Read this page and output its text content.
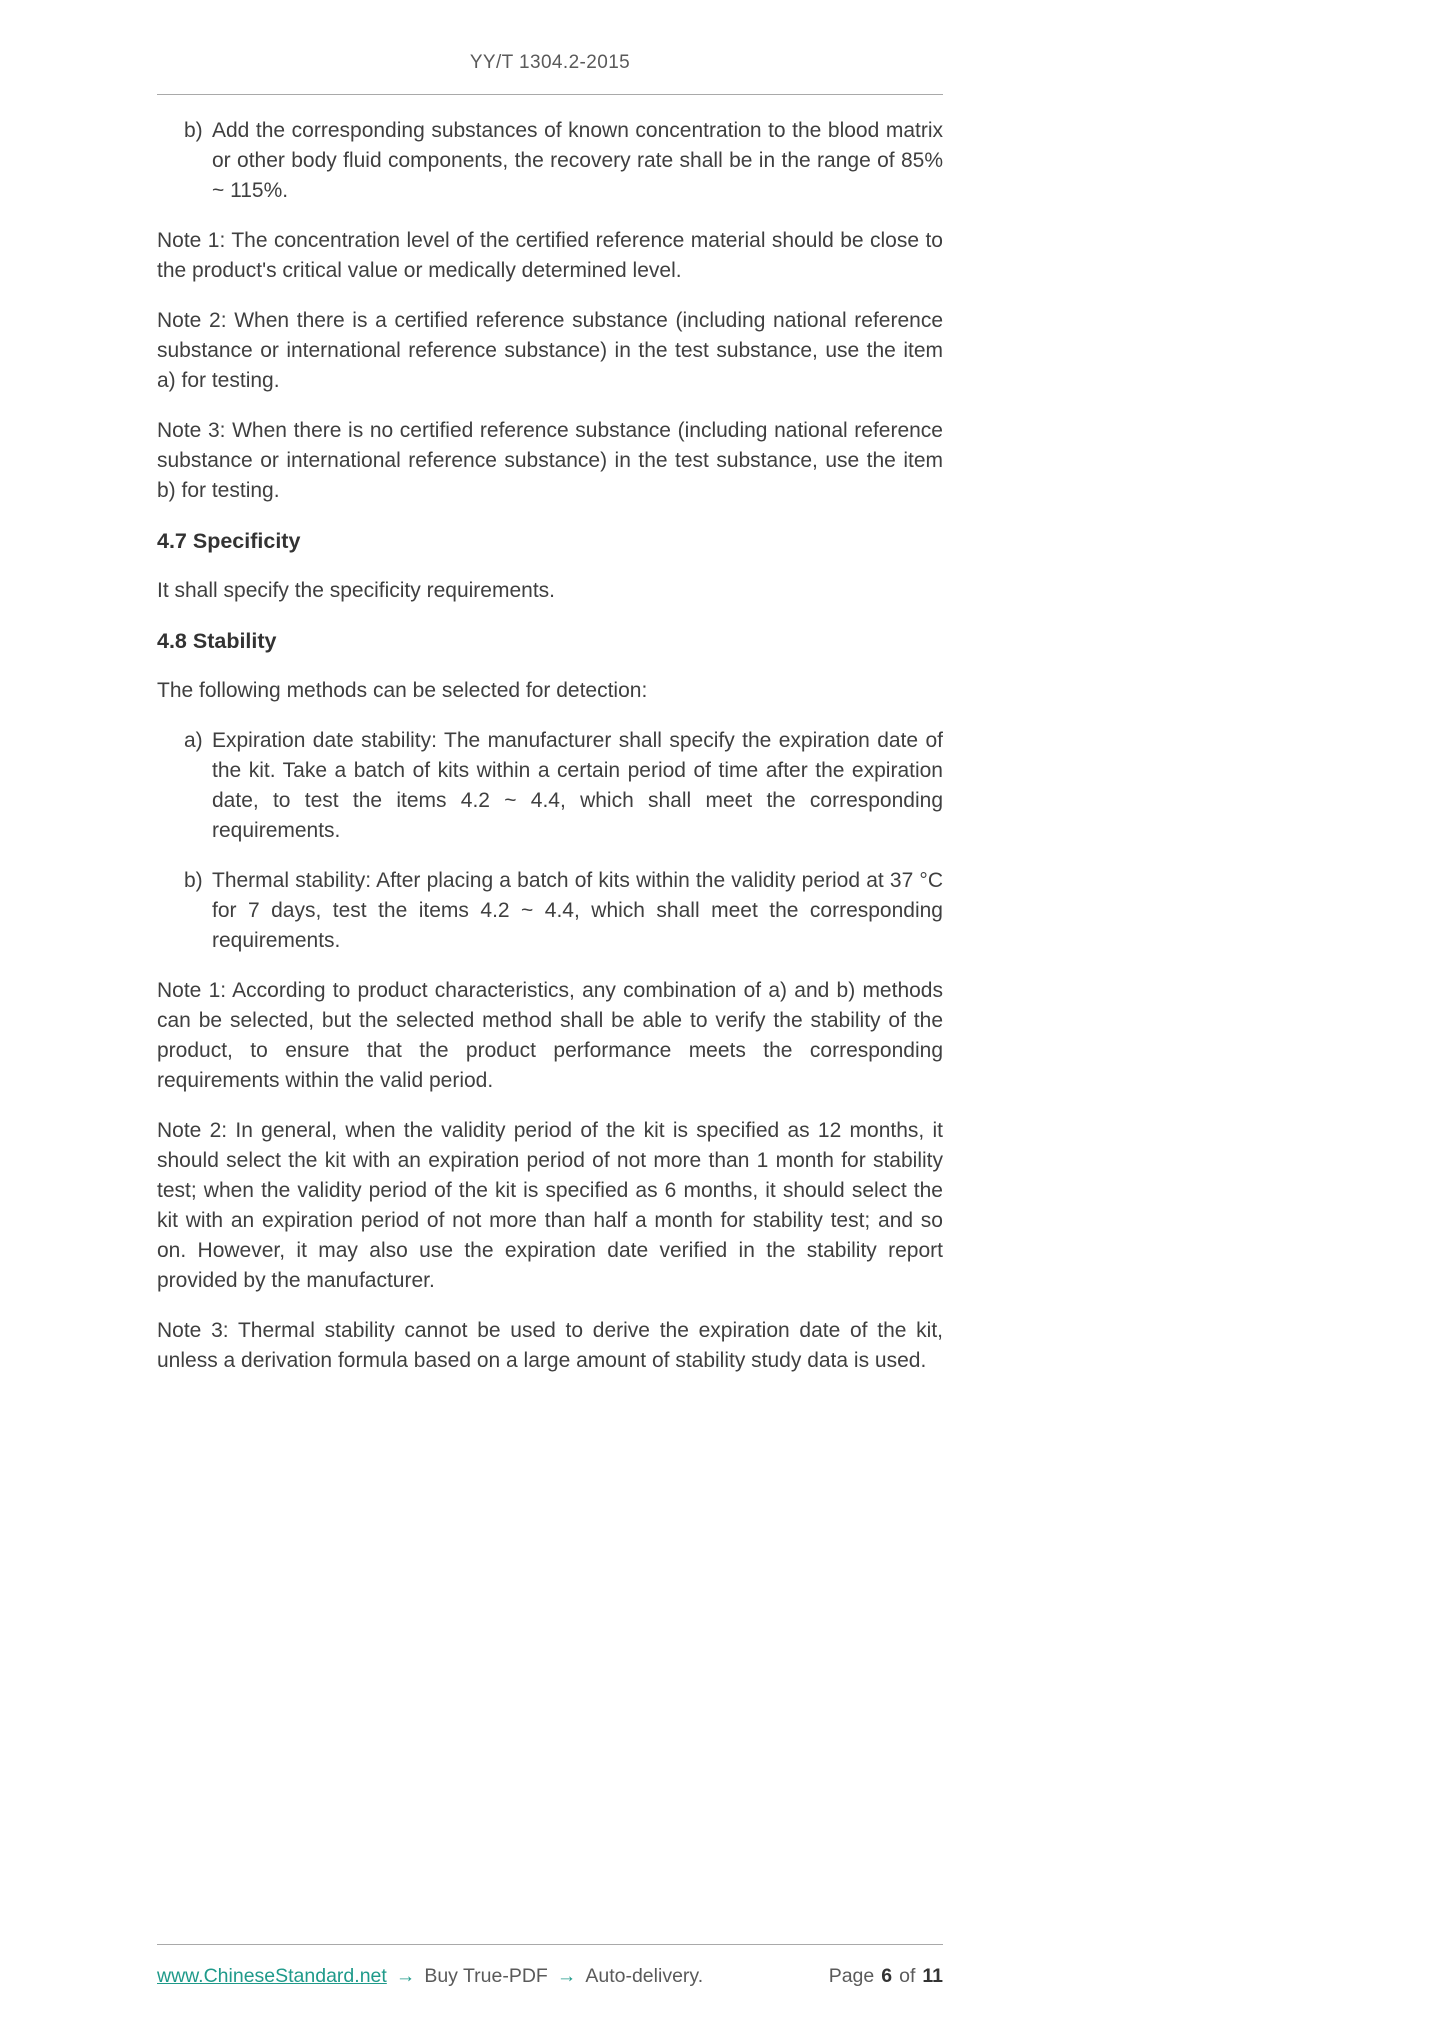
YY/T 1304.2-2015
b) Add the corresponding substances of known concentration to the blood matrix or other body fluid components, the recovery rate shall be in the range of 85% ~ 115%.

Note 1: The concentration level of the certified reference material should be close to the product's critical value or medically determined level.

Note 2: When there is a certified reference substance (including national reference substance or international reference substance) in the test substance, use the item a) for testing.

Note 3: When there is no certified reference substance (including national reference substance or international reference substance) in the test substance, use the item b) for testing.

4.7 Specificity

It shall specify the specificity requirements.

4.8 Stability

The following methods can be selected for detection:

a) Expiration date stability: The manufacturer shall specify the expiration date of the kit. Take a batch of kits within a certain period of time after the expiration date, to test the items 4.2 ~ 4.4, which shall meet the corresponding requirements.
b) Thermal stability: After placing a batch of kits within the validity period at 37 °C for 7 days, test the items 4.2 ~ 4.4, which shall meet the corresponding requirements.

Note 1: According to product characteristics, any combination of a) and b) methods can be selected, but the selected method shall be able to verify the stability of the product, to ensure that the product performance meets the corresponding requirements within the valid period.

Note 2: In general, when the validity period of the kit is specified as 12 months, it should select the kit with an expiration period of not more than 1 month for stability test; when the validity period of the kit is specified as 6 months, it should select the kit with an expiration period of not more than half a month for stability test; and so on. However, it may also use the expiration date verified in the stability report provided by the manufacturer.

Note 3: Thermal stability cannot be used to derive the expiration date of the kit, unless a derivation formula based on a large amount of stability study data is used.

www.ChineseStandard.net → Buy True-PDF → Auto-delivery.	Page 6 of 11
